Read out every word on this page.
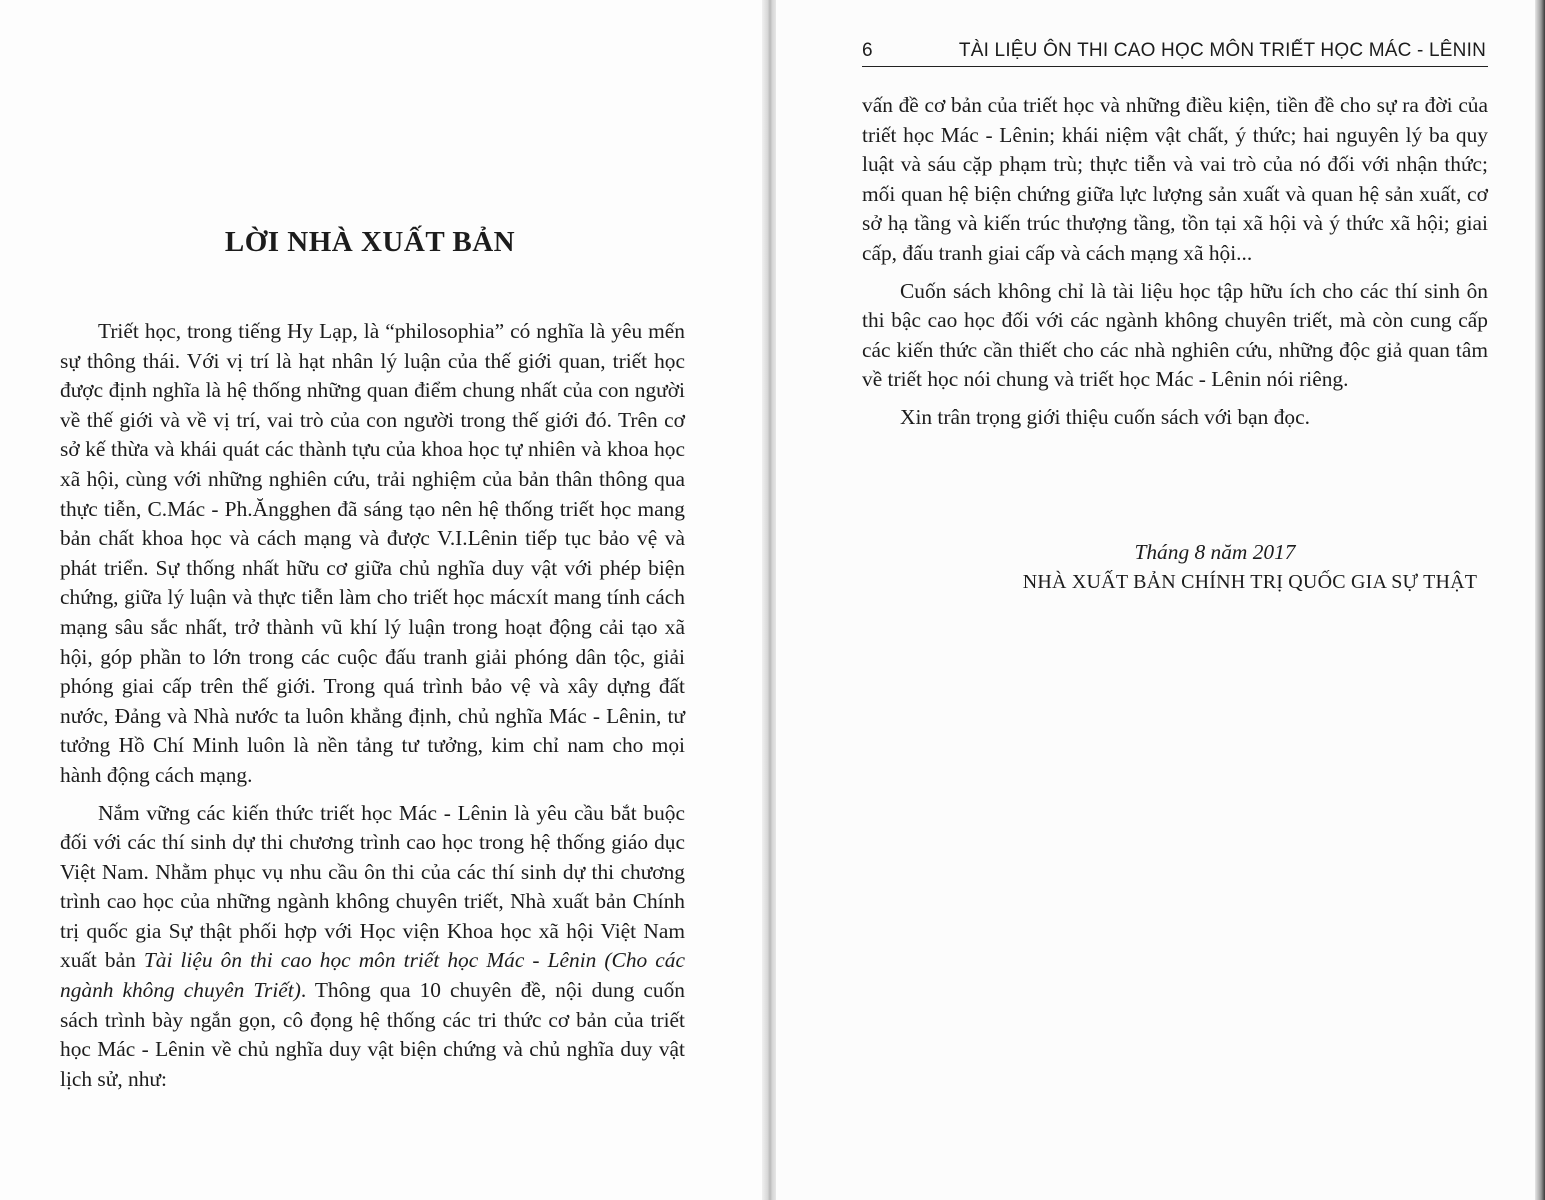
LỜI NHÀ XUẤT BẢN

Triết học, trong tiếng Hy Lạp, là “philosophia” có nghĩa là yêu mến sự thông thái. Với vị trí là hạt nhân lý luận của thế giới quan, triết học được định nghĩa là hệ thống những quan điểm chung nhất của con người về thế giới và về vị trí, vai trò của con người trong thế giới đó. Trên cơ sở kế thừa và khái quát các thành tựu của khoa học tự nhiên và khoa học xã hội, cùng với những nghiên cứu, trải nghiệm của bản thân thông qua thực tiễn, C.Mác - Ph.Ăngghen đã sáng tạo nên hệ thống triết học mang bản chất khoa học và cách mạng và được V.I.Lênin tiếp tục bảo vệ và phát triển. Sự thống nhất hữu cơ giữa chủ nghĩa duy vật với phép biện chứng, giữa lý luận và thực tiễn làm cho triết học mácxít mang tính cách mạng sâu sắc nhất, trở thành vũ khí lý luận trong hoạt động cải tạo xã hội, góp phần to lớn trong các cuộc đấu tranh giải phóng dân tộc, giải phóng giai cấp trên thế giới. Trong quá trình bảo vệ và xây dựng đất nước, Đảng và Nhà nước ta luôn khẳng định, chủ nghĩa Mác - Lênin, tư tưởng Hồ Chí Minh luôn là nền tảng tư tưởng, kim chỉ nam cho mọi hành động cách mạng.

Nắm vững các kiến thức triết học Mác - Lênin là yêu cầu bắt buộc đối với các thí sinh dự thi chương trình cao học trong hệ thống giáo dục Việt Nam. Nhằm phục vụ nhu cầu ôn thi của các thí sinh dự thi chương trình cao học của những ngành không chuyên triết, Nhà xuất bản Chính trị quốc gia Sự thật phối hợp với Học viện Khoa học xã hội Việt Nam xuất bản Tài liệu ôn thi cao học môn triết học Mác - Lênin (Cho các ngành không chuyên Triết). Thông qua 10 chuyên đề, nội dung cuốn sách trình bày ngắn gọn, cô đọng hệ thống các tri thức cơ bản của triết học Mác - Lênin về chủ nghĩa duy vật biện chứng và chủ nghĩa duy vật lịch sử, như:

6	TÀI LIỆU ÔN THI CAO HỌC MÔN TRIẾT HỌC MÁC - LÊNIN

vấn đề cơ bản của triết học và những điều kiện, tiền đề cho sự ra đời của triết học Mác - Lênin; khái niệm vật chất, ý thức; hai nguyên lý ba quy luật và sáu cặp phạm trù; thực tiễn và vai trò của nó đối với nhận thức; mối quan hệ biện chứng giữa lực lượng sản xuất và quan hệ sản xuất, cơ sở hạ tầng và kiến trúc thượng tầng, tồn tại xã hội và ý thức xã hội; giai cấp, đấu tranh giai cấp và cách mạng xã hội...

Cuốn sách không chỉ là tài liệu học tập hữu ích cho các thí sinh ôn thi bậc cao học đối với các ngành không chuyên triết, mà còn cung cấp các kiến thức cần thiết cho các nhà nghiên cứu, những độc giả quan tâm về triết học nói chung và triết học Mác - Lênin nói riêng.

Xin trân trọng giới thiệu cuốn sách với bạn đọc.

Tháng 8 năm 2017
NHÀ XUẤT BẢN CHÍNH TRỊ QUỐC GIA SỰ THẬT
